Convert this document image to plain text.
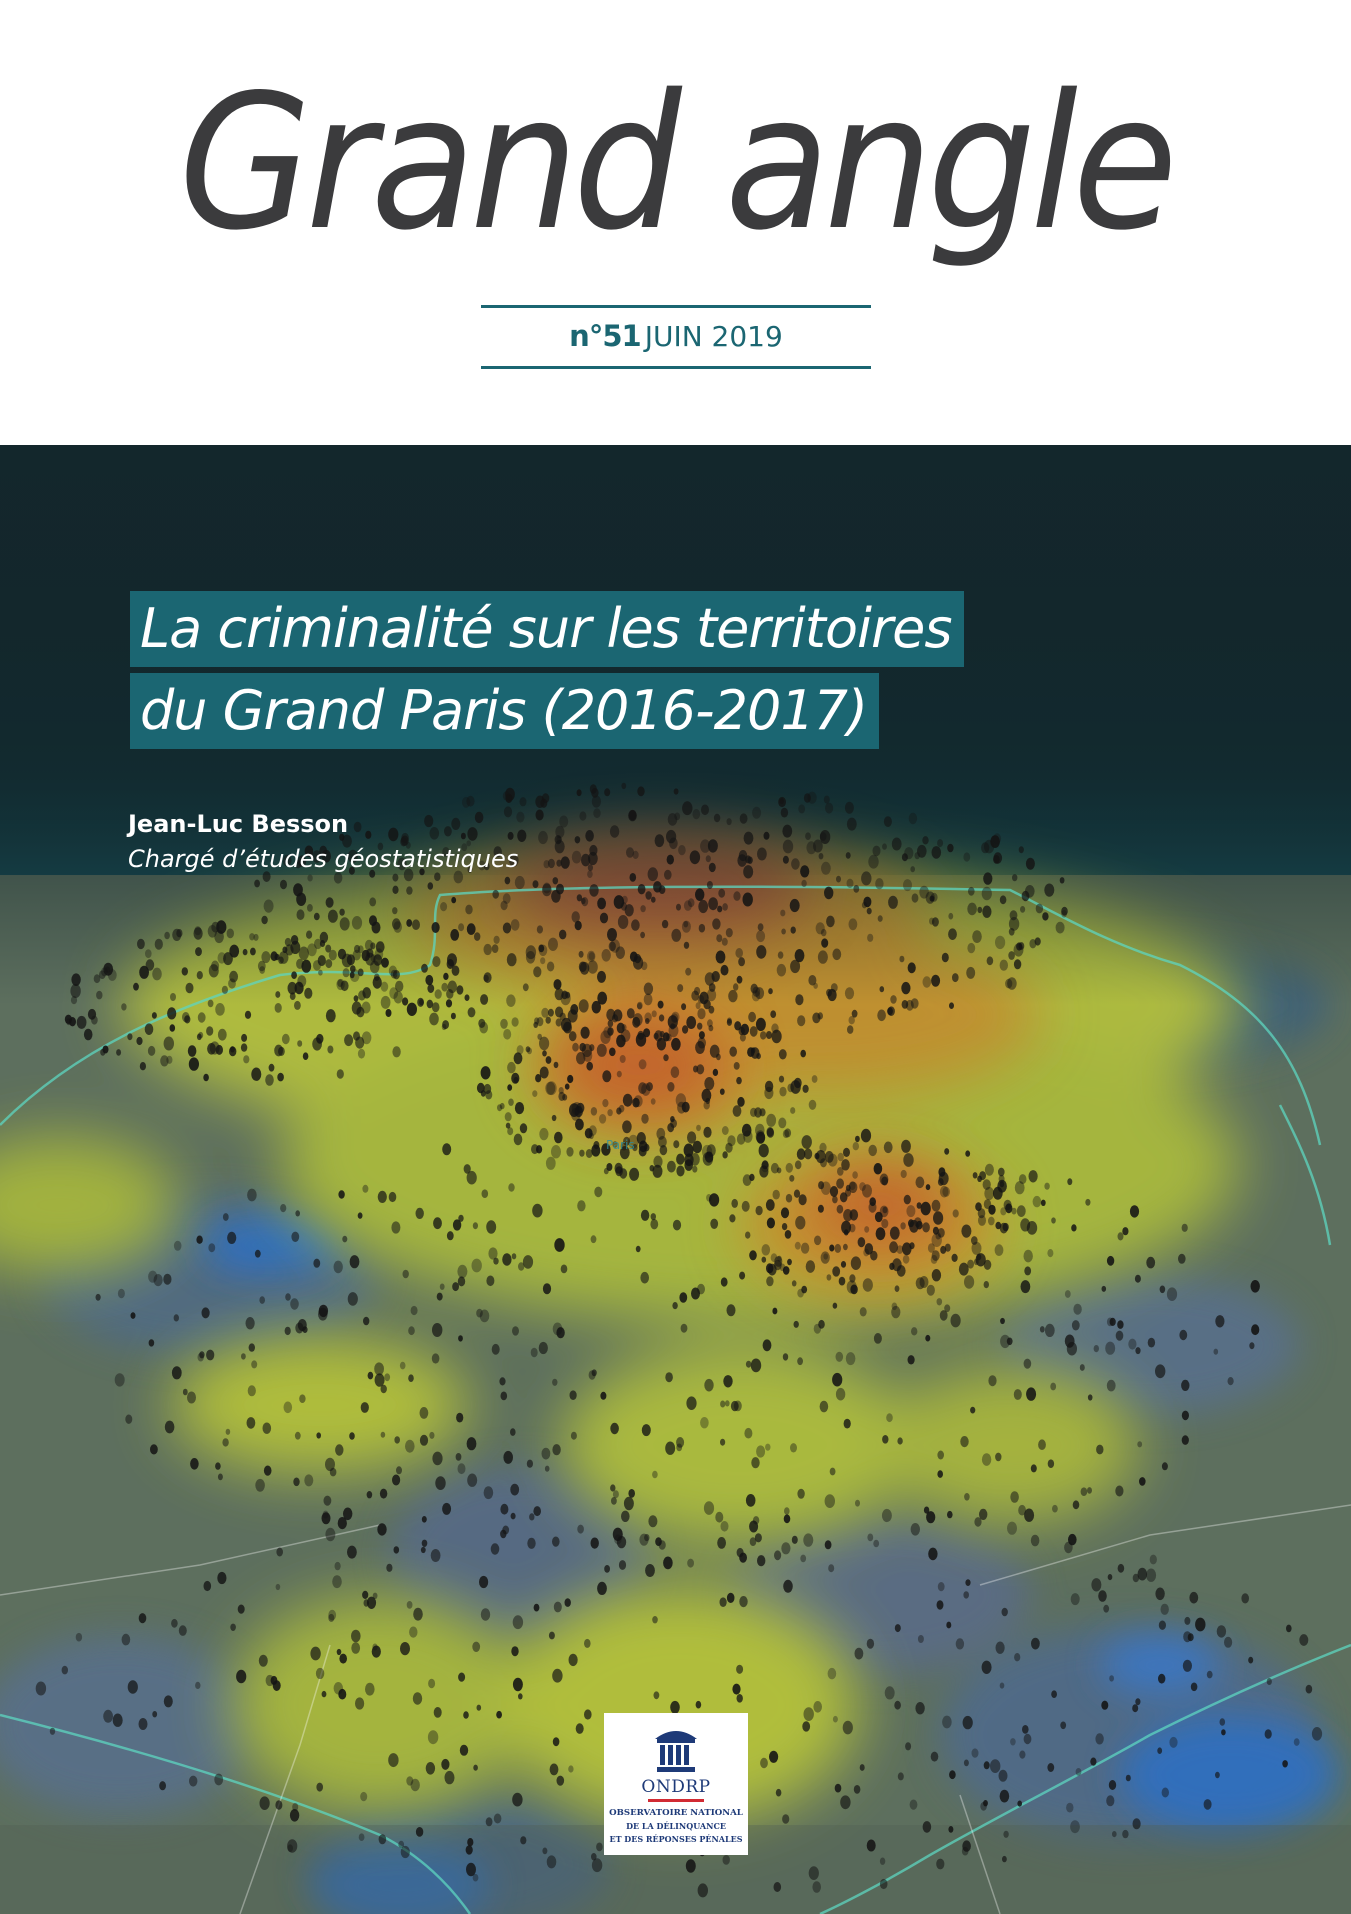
Grand angle
n°51 JUIN 2019
La criminalité sur les territoires
du Grand Paris (2016-2017)
Jean-Luc Besson
Chargé d’études géostatistiques
Paris
ONDRP
OBSERVATOIRE NATIONAL
DE LA DÉLINQUANCE
ET DES RÉPONSES PÉNALES
